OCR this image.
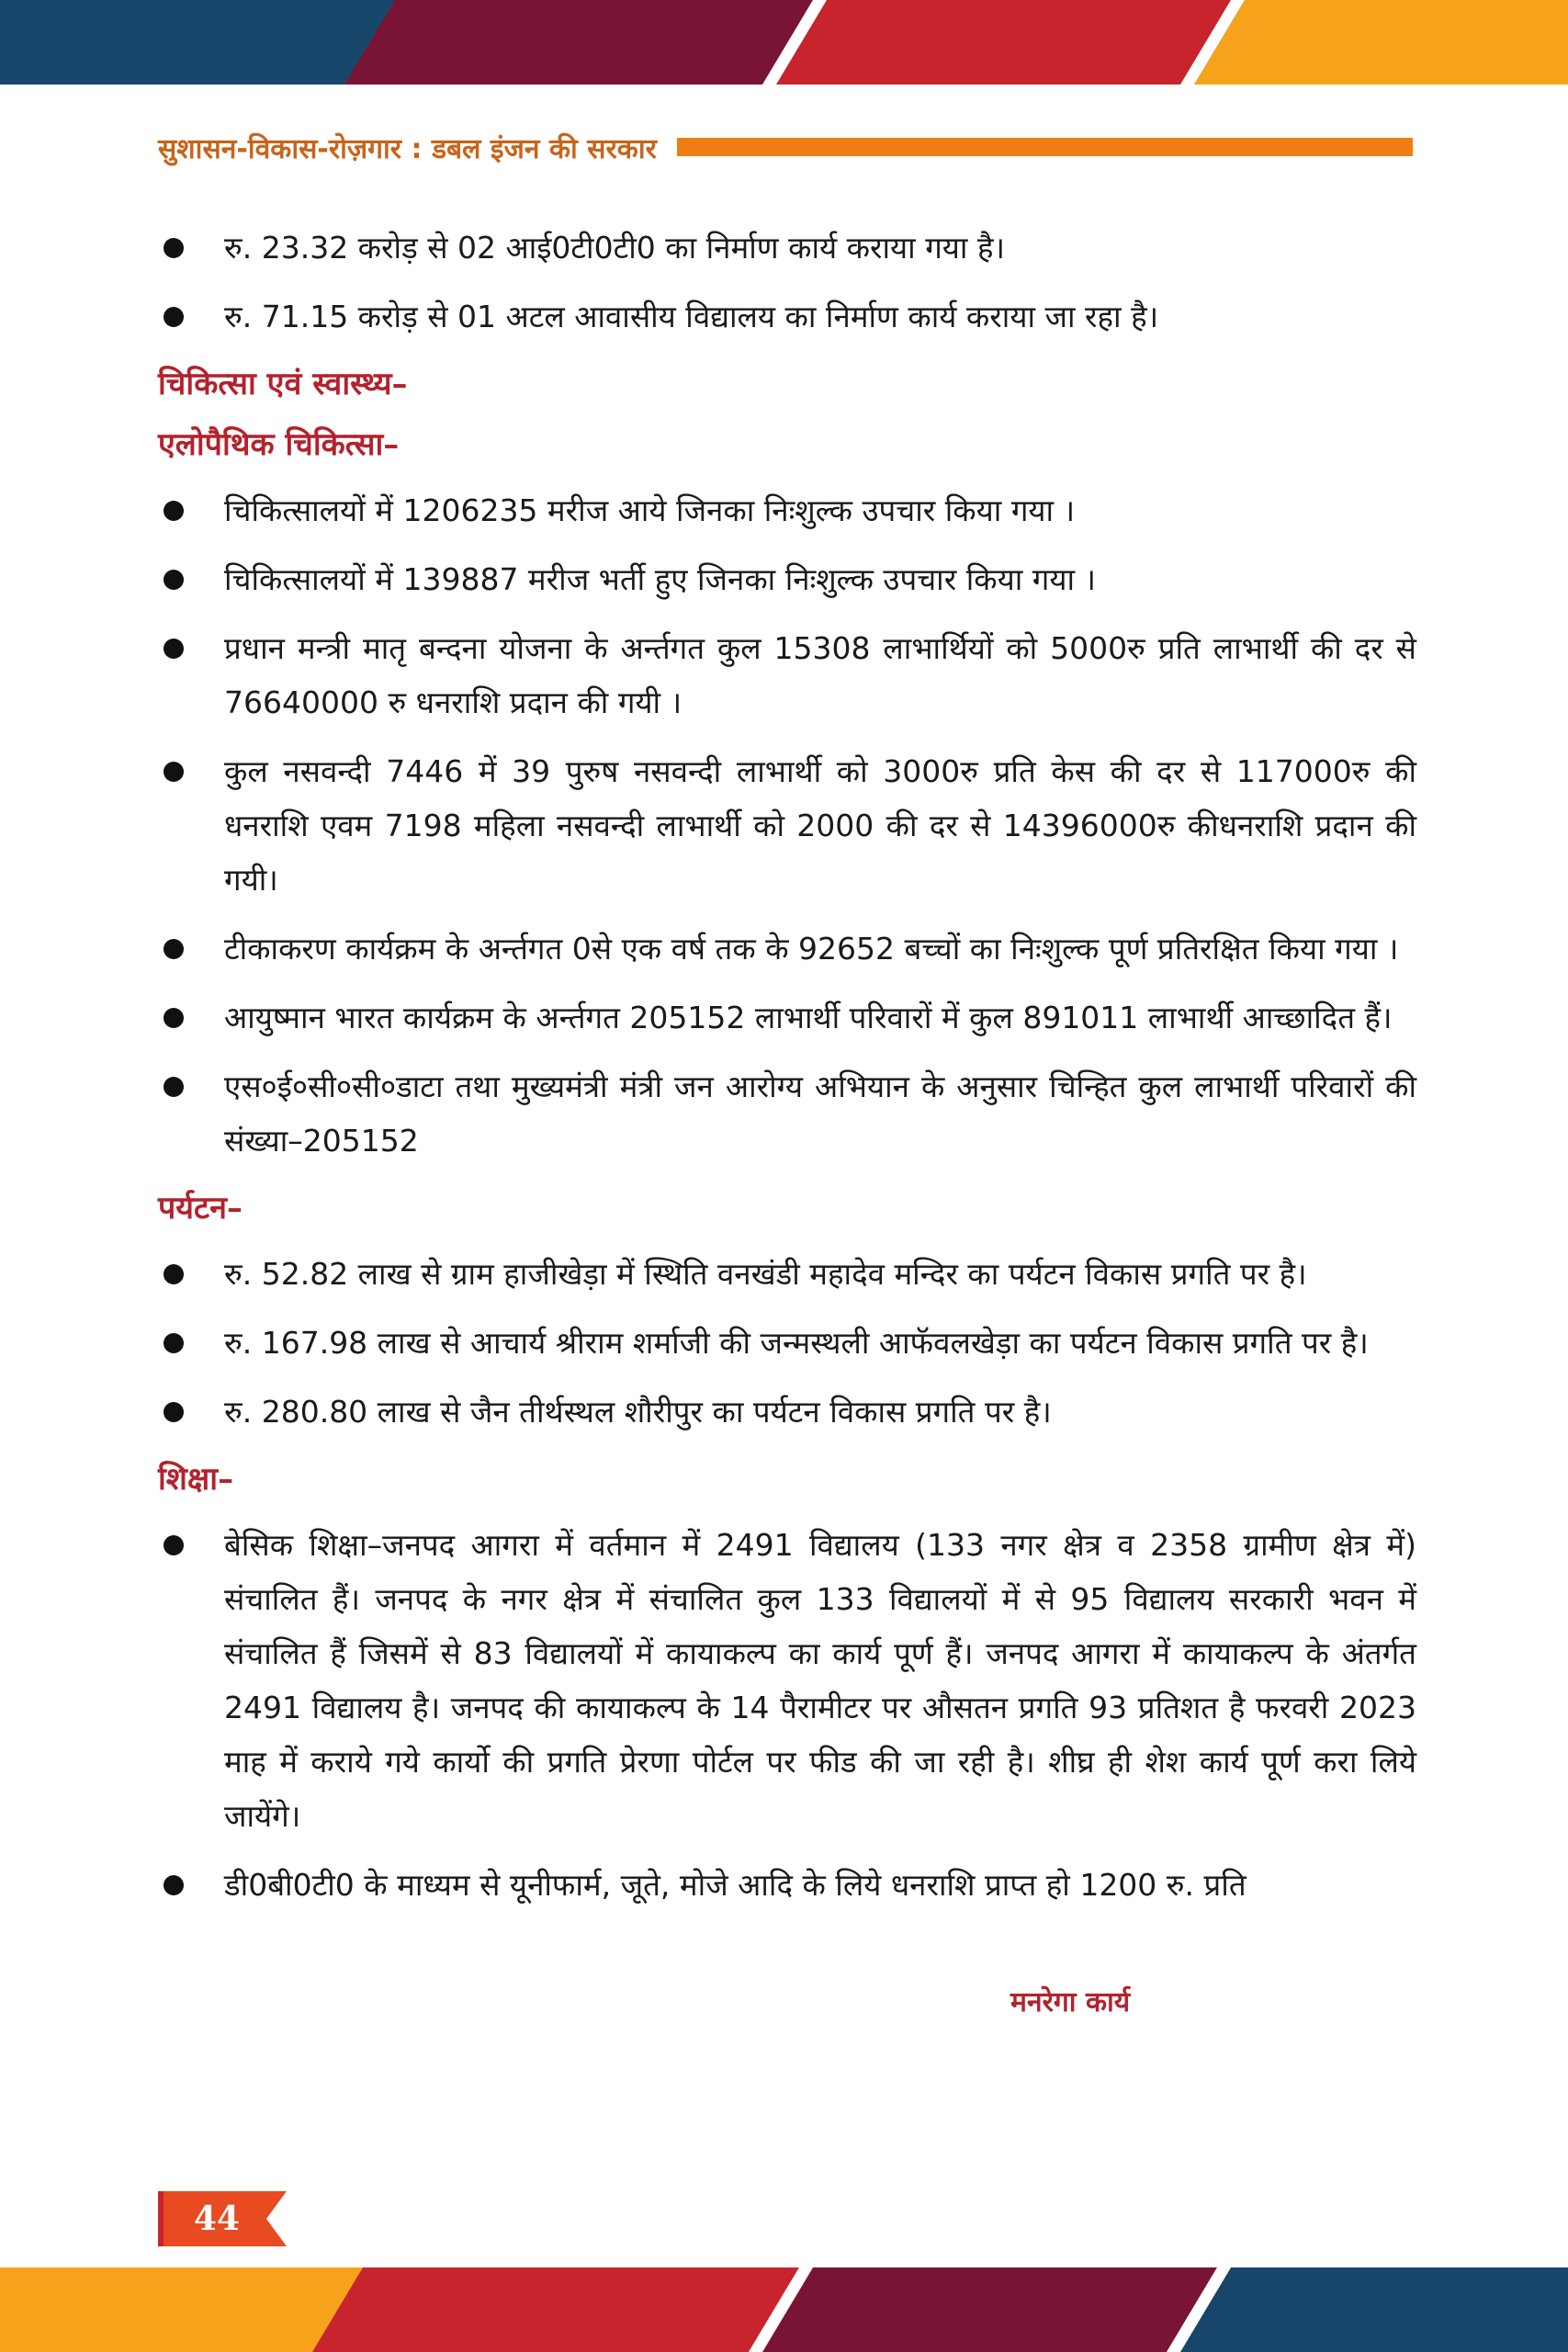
सुशासन-विकास-रोज़गार : डबल इंजन की सरकार
रु. 23.32 करोड़ से 02 आई0टी0टी0 का निर्माण कार्य कराया गया है।
रु. 71.15 करोड़ से 01 अटल आवासीय विद्यालय का निर्माण कार्य कराया जा रहा है।
चिकित्सा एवं स्वास्थ्य–
एलोपैथिक चिकित्सा–
चिकित्सालयों में 1206235 मरीज आये जिनका निःशुल्क उपचार किया गया ।
चिकित्सालयों में 139887 मरीज भर्ती हुए जिनका निःशुल्क उपचार किया गया ।
प्रधान मन्त्री मातृ बन्दना योजना के अर्न्तगत कुल 15308 लाभार्थियों को 5000रु प्रति लाभार्थी की दर से 76640000 रु धनराशि प्रदान की गयी ।
कुल नसवन्दी 7446 में 39 पुरुष नसवन्दी लाभार्थी को 3000रु प्रति केस की दर से 117000रु की धनराशि एवम 7198 महिला नसवन्दी लाभार्थी को 2000 की दर से 14396000रु कीधनराशि प्रदान की गयी।
टीकाकरण कार्यक्रम के अर्न्तगत 0से एक वर्ष तक के 92652 बच्चों का निःशुल्क पूर्ण प्रतिरक्षित किया गया ।
आयुष्मान भारत कार्यक्रम के अर्न्तगत 205152 लाभार्थी परिवारों में कुल 891011 लाभार्थी आच्छादित हैं।
एस०ई०सी०सी०डाटा तथा मुख्यमंत्री मंत्री जन आरोग्य अभियान के अनुसार चिन्हित कुल लाभार्थी परिवारों की संख्या–205152
पर्यटन–
रु. 52.82 लाख से ग्राम हाजीखेड़ा में स्थिति वनखंडी महादेव मन्दिर का पर्यटन विकास प्रगति पर है।
रु. 167.98 लाख से आचार्य श्रीराम शर्माजी की जन्मस्थली आफॅवलखेड़ा का पर्यटन विकास प्रगति पर है।
रु. 280.80 लाख से जैन तीर्थस्थल शौरीपुर का पर्यटन विकास प्रगति पर है।
शिक्षा–
बेसिक शिक्षा–जनपद आगरा में वर्तमान में 2491 विद्यालय (133 नगर क्षेत्र व 2358 ग्रामीण क्षेत्र में) संचालित हैं। जनपद के नगर क्षेत्र में संचालित कुल 133 विद्यालयों में से 95 विद्यालय सरकारी भवन में संचालित हैं जिसमें से 83 विद्यालयों में कायाकल्प का कार्य पूर्ण हैं। जनपद आगरा में कायाकल्प के अंतर्गत 2491 विद्यालय है। जनपद की कायाकल्प के 14 पैरामीटर पर औसतन प्रगति 93 प्रतिशत है फरवरी 2023 माह में कराये गये कार्यो की प्रगति प्रेरणा पोर्टल पर फीड की जा रही है। शीघ्र ही शेश कार्य पूर्ण करा लिये जायेंगे।
डी0बी0टी0 के माध्यम से यूनीफार्म, जूते, मोजे आदि के लिये धनराशि प्राप्त हो 1200 रु. प्रति
मनरेगा कार्य
44
